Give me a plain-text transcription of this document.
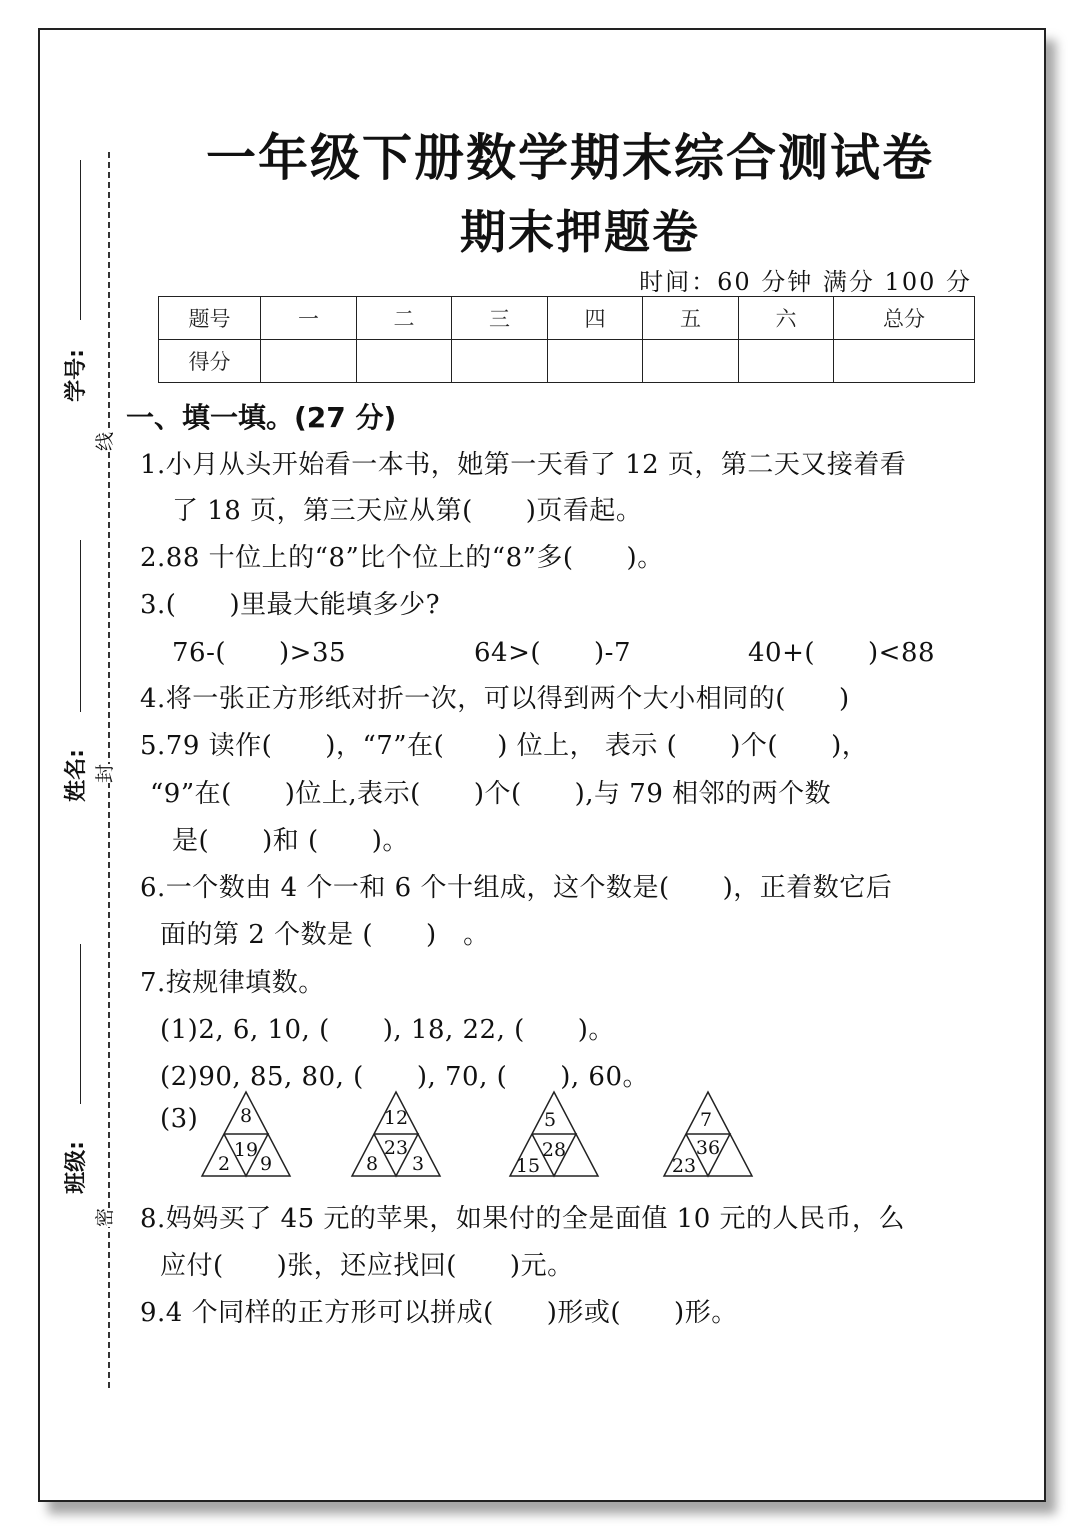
学号:
姓名:
班级:
线
封
密
一年级下册数学期末综合测试卷
期末押题卷
时间：60 分钟 满分 100 分
题号	一	二	三	四	五	六	总分
得分							
一、填一填。(27 分)
1.小月从头开始看一本书，她第一天看了 12 页，第二天又接着看
了 18 页，第三天应从第(　　)页看起。
2.88 十位上的“8”比个位上的“8”多(　　)。
3.(　　)里最大能填多少?
76-(　　)>35	64>(　　)-7	40+(　　)<88
4.将一张正方形纸对折一次，可以得到两个大小相同的(　　)
5.79 读作(　　)，“7”在(　　) 位上， 表示 (　　)个(　　)，
“9”在(　　)位上,表示(　　)个(　　),与 79 相邻的两个数
是(　　)和 (　　)。
6.一个数由 4 个一和 6 个十组成，这个数是(　　)，正着数它后
面的第 2 个数是 (　　)　。
7.按规律填数。
(1)2, 6, 10, (　　), 18, 22, (　　)。
(2)90, 85, 80, (　　), 70, (　　), 60。
(3) 8
19
2 9
12
23
8 3
5
28
15
7
36
23
8.妈妈买了 45 元的苹果，如果付的全是面值 10 元的人民币，么
应付(　　)张，还应找回(　　)元。
9.4 个同样的正方形可以拼成(　　)形或(　　)形。
